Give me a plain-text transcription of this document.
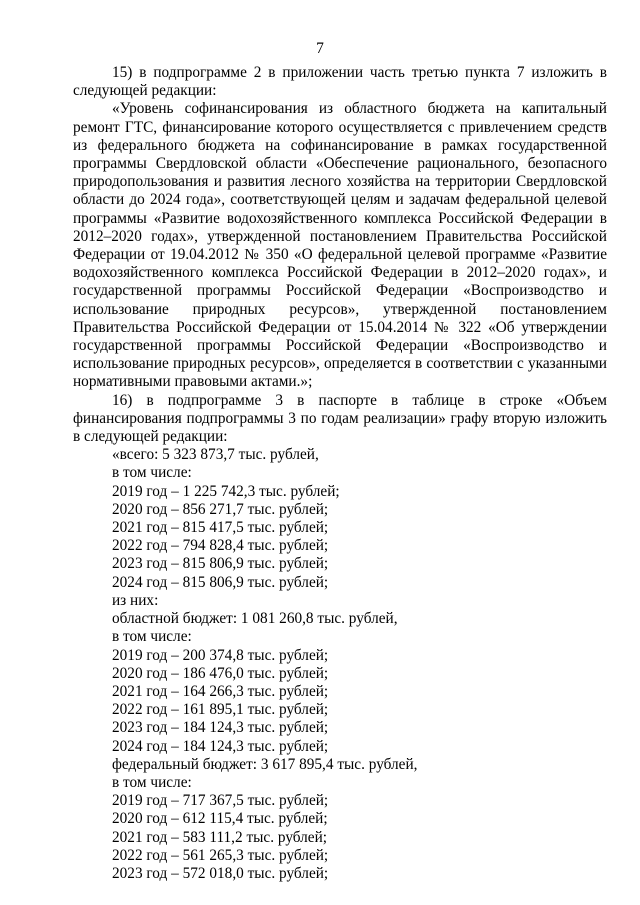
7

15) в подпрограмме 2 в приложении часть третью пункта 7 изложить в следующей редакции:

«Уровень софинансирования из областного бюджета на капитальный ремонт ГТС, финансирование которого осуществляется с привлечением средств из федерального бюджета на софинансирование в рамках государственной программы Свердловской области «Обеспечение рационального, безопасного природопользования и развития лесного хозяйства на территории Свердловской области до 2024 года», соответствующей целям и задачам федеральной целевой программы «Развитие водохозяйственного комплекса Российской Федерации в 2012–2020 годах», утвержденной постановлением Правительства Российской Федерации от 19.04.2012 № 350 «О федеральной целевой программе «Развитие водохозяйственного комплекса Российской Федерации в 2012–2020 годах», и государственной программы Российской Федерации «Воспроизводство и использование природных ресурсов», утвержденной постановлением Правительства Российской Федерации от 15.04.2014 № 322 «Об утверждении государственной программы Российской Федерации «Воспроизводство и использование природных ресурсов», определяется в соответствии с указанными нормативными правовыми актами.»;

16) в подпрограмме 3 в паспорте в таблице в строке «Объем финансирования подпрограммы 3 по годам реализации» графу вторую изложить в следующей редакции:

«всего: 5 323 873,7 тыс. рублей,
в том числе:
2019 год – 1 225 742,3 тыс. рублей;
2020 год – 856 271,7 тыс. рублей;
2021 год – 815 417,5 тыс. рублей;
2022 год – 794 828,4 тыс. рублей;
2023 год – 815 806,9 тыс. рублей;
2024 год – 815 806,9 тыс. рублей;
из них:
областной бюджет: 1 081 260,8 тыс. рублей,
в том числе:
2019 год – 200 374,8 тыс. рублей;
2020 год – 186 476,0 тыс. рублей;
2021 год – 164 266,3 тыс. рублей;
2022 год – 161 895,1 тыс. рублей;
2023 год – 184 124,3 тыс. рублей;
2024 год – 184 124,3 тыс. рублей;
федеральный бюджет: 3 617 895,4 тыс. рублей,
в том числе:
2019 год – 717 367,5 тыс. рублей;
2020 год – 612 115,4 тыс. рублей;
2021 год – 583 111,2 тыс. рублей;
2022 год – 561 265,3 тыс. рублей;
2023 год – 572 018,0 тыс. рублей;
